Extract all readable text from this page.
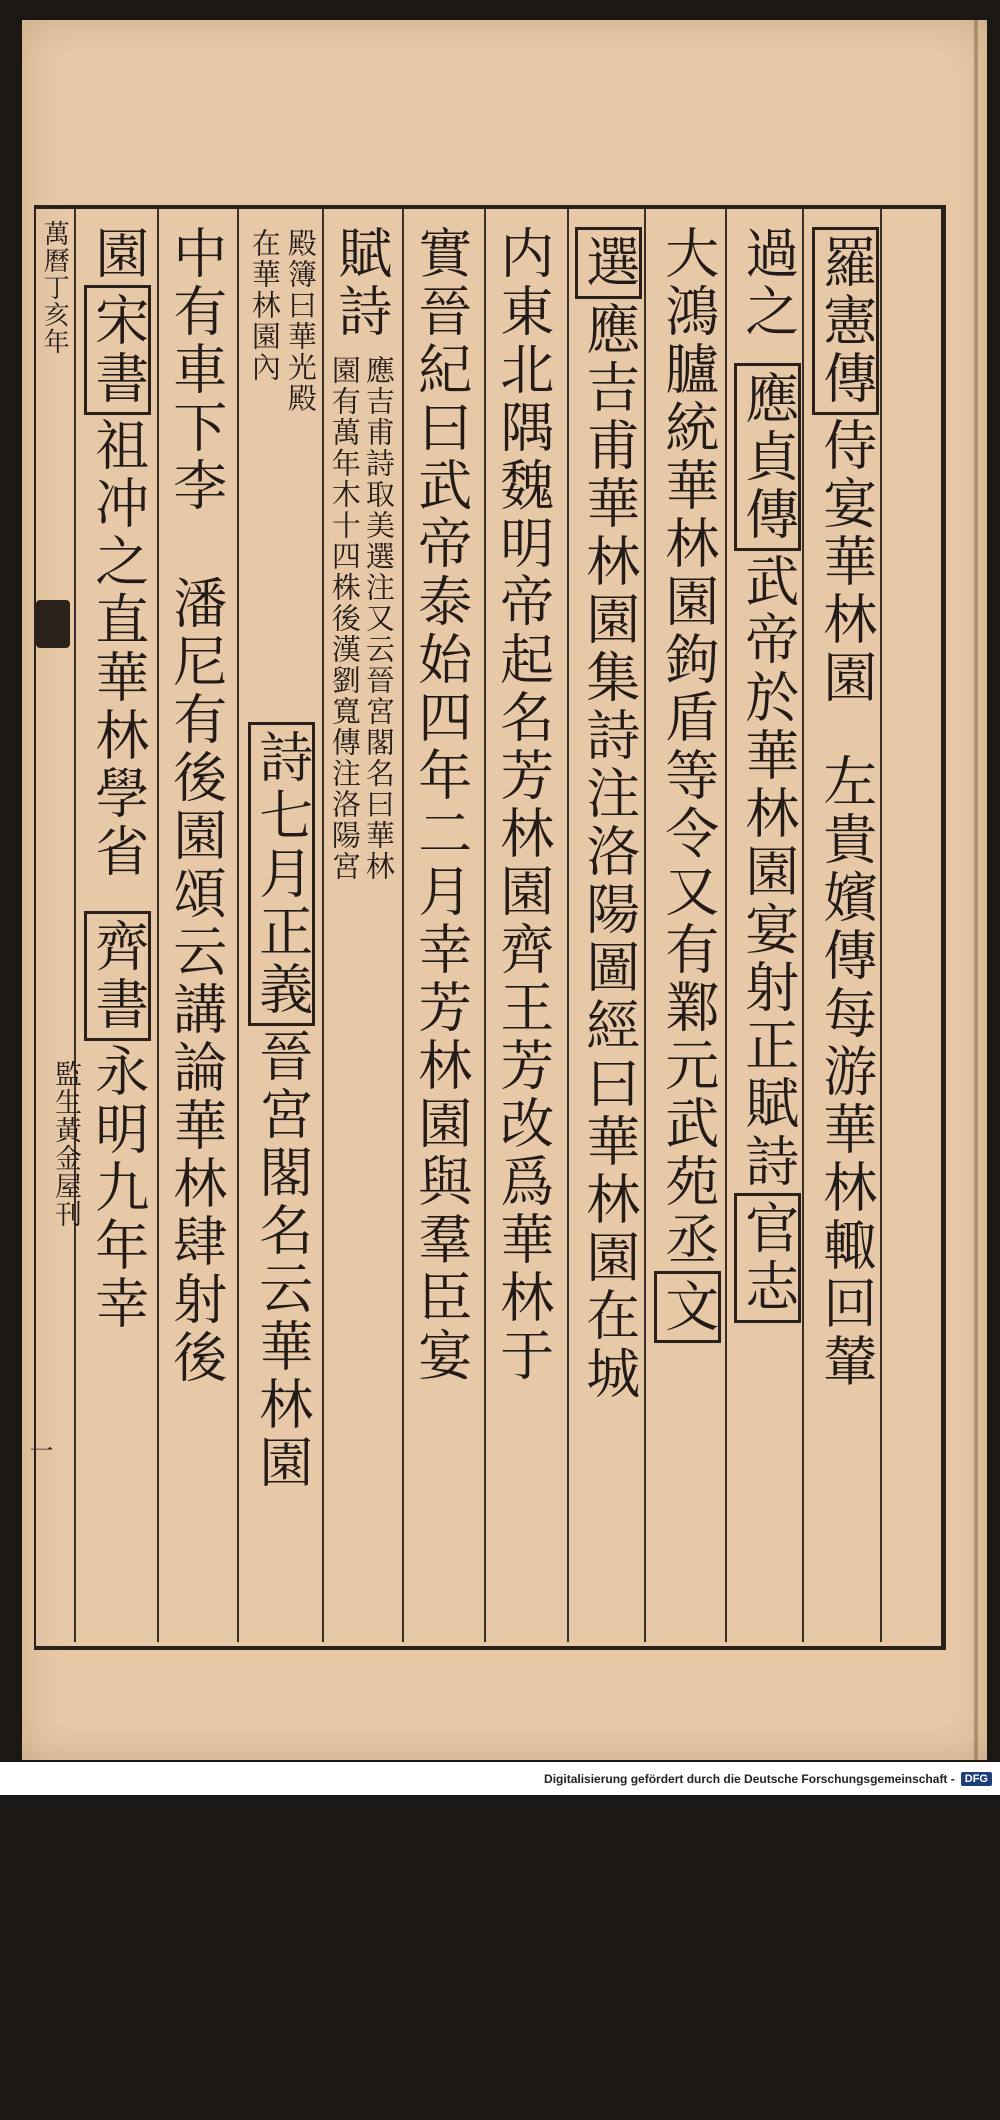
萬曆丁亥年
監生黃金屋刊
一
羅憲傳侍宴華林園左貴嬪傳每游華林輙回輦
過之應貞傳武帝於華林園宴射正賦詩官志
大鴻臚統華林園鉤盾等令又有鄴元武苑丞文
選應吉甫華林園集詩注洛陽圖經曰華林園在城
内東北隅魏明帝起名芳林園齊王芳改爲華林于
實晉紀曰武帝泰始四年二月幸芳林園與羣臣宴
賦詩
應吉甫詩取美選注又云晉宮閣名曰華林
園有萬年木十四株後漢劉寬傳注洛陽宮
殿簿曰華光殿
在華林園內
詩七月正義晉宮閣名云華林園
中有車下李潘尼有後園頌云講論華林肆射後
園宋書祖冲之直華林學省齊書永明九年幸
Digitalisierung gefördert durch die Deutsche Forschungsgemeinschaft - DFG
